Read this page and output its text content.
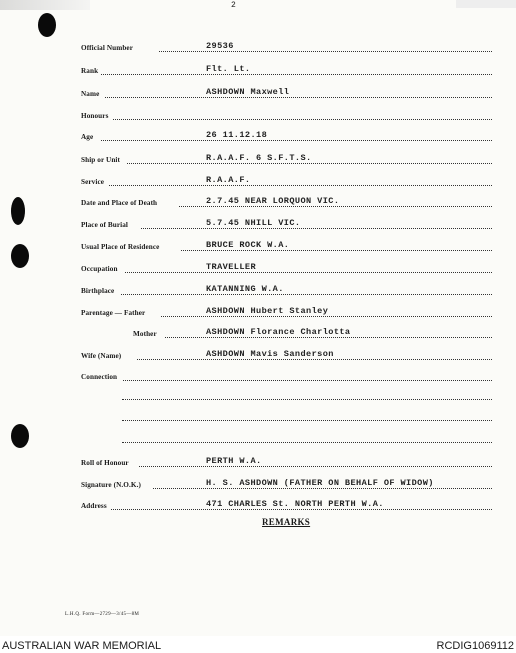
2
Official Number	29536
Rank	Flt. Lt.
Name	ASHDOWN Maxwell
Honours
Age	26 11.12.18
Ship or Unit	R.A.A.F. 6 S.F.T.S.
Service	R.A.A.F.
Date and Place of Death	2.7.45 NEAR LORQUON VIC.
Place of Burial	5.7.45 NHILL VIC.
Usual Place of Residence	BRUCE ROCK W.A.
Occupation	TRAVELLER
Birthplace	KATANNING W.A.
Parentage — Father	ASHDOWN Hubert Stanley
Mother	ASHDOWN Florance Charlotta
Wife (Name)	ASHDOWN Mavis Sanderson
Connection
Roll of Honour	PERTH W.A.
Signature (N.O.K.)	H. S. ASHDOWN (FATHER ON BEHALF OF WIDOW)
Address	471 CHARLES St. NORTH PERTH W.A.
REMARKS
L.H.Q. Form—2729—3/45—8M
AUSTRALIAN WAR MEMORIAL	RCDIG1069112
